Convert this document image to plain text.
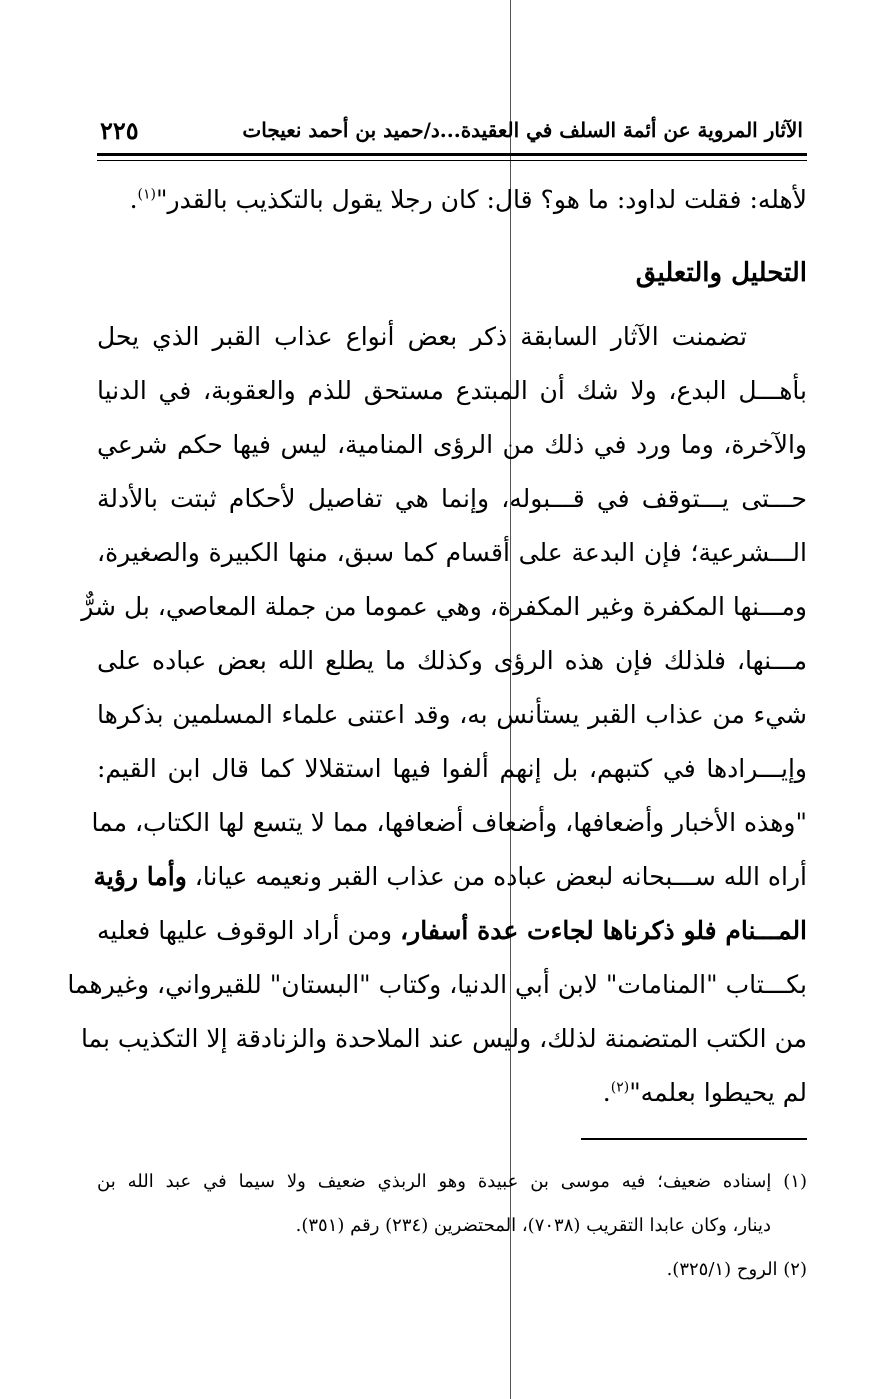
الآثار المروية عن أئمة السلف في العقيدة...د/حميد بن أحمد نعيجات
٢٢٥
لأهله: فقلت لداود: ما هو؟ قال: كان رجلا يقول بالتكذيب بالقدر"$^{(١)}$.
التحليل والتعليق
تضمنت الآثار السابقة ذكر بعض أنواع عذاب القبر الذي يحل
بأهـــل البدع، ولا شك أن المبتدع مستحق للذم والعقوبة، في الدنيا
والآخرة، وما ورد في ذلك من الرؤى المنامية، ليس فيها حكم شرعي
حـــتى يـــتوقف في قـــبوله، وإنما هي تفاصيل لأحكام ثبتت بالأدلة
الـــشرعية؛ فإن البدعة على أقسام كما سبق، منها الكبيرة والصغيرة،
ومـــنها المكفرة وغير المكفرة، وهي عموما من جملة المعاصي، بل شرٌّ
مـــنها، فلذلك فإن هذه الرؤى وكذلك ما يطلع الله بعض عباده على
شيء من عذاب القبر يستأنس به، وقد اعتنى علماء المسلمين بذكرها
وإيـــرادها في كتبهم، بل إنهم ألفوا فيها استقلالا كما قال ابن القيم:
"وهذه الأخبار وأضعافها، وأضعاف أضعافها، مما لا يتسع لها الكتاب، مما
أراه الله ســـبحانه لبعض عباده من عذاب القبر ونعيمه عيانا، وأما رؤية
المـــنام فلو ذكرناها لجاءت عدة أسفار، ومن أراد الوقوف عليها فعليه
بكـــتاب "المنامات" لابن أبي الدنيا، وكتاب "البستان" للقيرواني، وغيرهما
من الكتب المتضمنة لذلك، وليس عند الملاحدة والزنادقة إلا التكذيب بما
لم يحيطوا بعلمه"$^{(٢)}$.
(١) إسناده ضعيف؛ فيه موسى بن عبيدة وهو الربذي ضعيف ولا سيما في عبد الله بن
دينار، وكان عابدا التقريب (٧٠٣٨)، المحتضرين (٢٣٤) رقم (٣٥١).
(٢) الروح (٣٢٥/١).
